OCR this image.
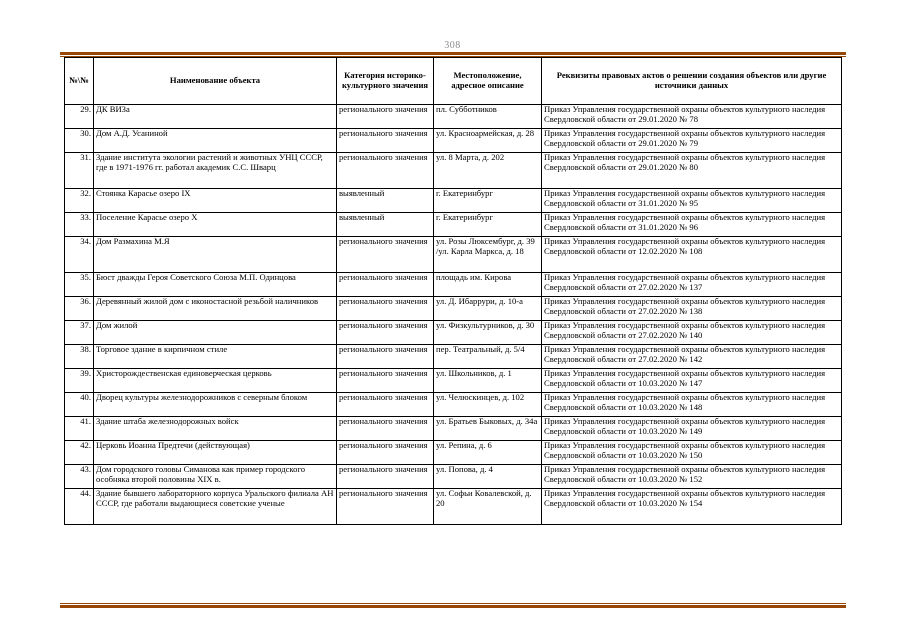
308
№\№	Наименование объекта	Категория историко-культурного значения	Местоположение, адресное описание	Реквизиты правовых актов о решении создания объектов или другие источники данных
29.	ДК ВИЗа	регионального значения	пл. Субботников	Приказ Управления государственной охраны объектов культурного наследия Свердловской области от 29.01.2020 № 78
30.	Дом А.Д. Усаниной	регионального значения	ул. Красноармейская, д. 28	Приказ Управления государственной охраны объектов культурного наследия Свердловской области от 29.01.2020 № 79
31.	Здание института экологии растений и животных УНЦ СССР, где в 1971-1976 гг. работал академик С.С. Шварц	регионального значения	ул. 8 Марта, д. 202	Приказ Управления государственной охраны объектов культурного наследия Свердловской области от 29.01.2020 № 80
32.	Стоянка Карасье озеро IX	выявленный	г. Екатеринбург	Приказ Управления государственной охраны объектов культурного наследия Свердловской области от 31.01.2020 № 95
33.	Поселение Карасье озеро X	выявленный	г. Екатеринбург	Приказ Управления государственной охраны объектов культурного наследия Свердловской области от 31.01.2020 № 96
34.	Дом Размахина М.Я	регионального значения	ул. Розы Люксембург, д. 39 /ул. Карла Маркса, д. 18	Приказ Управления государственной охраны объектов культурного наследия Свердловской области от 12.02.2020 № 108
35.	Бюст дважды Героя Советского Союза М.П. Одинцова	регионального значения	площадь им. Кирова	Приказ Управления государственной охраны объектов культурного наследия Свердловской области от 27.02.2020 № 137
36.	Деревянный жилой дом с иконостасной резьбой наличников	регионального значения	ул. Д. Ибаррури, д. 10-а	Приказ Управления государственной охраны объектов культурного наследия Свердловской области от 27.02.2020 № 138
37.	Дом жилой	регионального значения	ул. Физкультурников, д. 30	Приказ Управления государственной охраны объектов культурного наследия Свердловской области от 27.02.2020 № 140
38.	Торговое здание в кирпичном стиле	регионального значения	пер. Театральный, д. 5/4	Приказ Управления государственной охраны объектов культурного наследия Свердловской области от 27.02.2020 № 142
39.	Христорождественская единоверческая церковь	регионального значения	ул. Школьников, д. 1	Приказ Управления государственной охраны объектов культурного наследия Свердловской области от 10.03.2020 № 147
40.	Дворец культуры железнодорожников с северным блоком	регионального значения	ул. Челюскинцев, д. 102	Приказ Управления государственной охраны объектов культурного наследия Свердловской области от 10.03.2020 № 148
41.	Здание штаба железнодорожных войск	регионального значения	ул. Братьев Быковых, д. 34а	Приказ Управления государственной охраны объектов культурного наследия Свердловской области от 10.03.2020 № 149
42.	Церковь Иоанна Предтечи (действующая)	регионального значения	ул. Репина, д. 6	Приказ Управления государственной охраны объектов культурного наследия Свердловской области от 10.03.2020 № 150
43.	Дом городского головы Симанова как пример городского особняка второй половины XIX в.	регионального значения	ул. Попова, д. 4	Приказ Управления государственной охраны объектов культурного наследия Свердловской области от 10.03.2020 № 152
44.	Здание бывшего лабораторного корпуса Уральского филиала АН СССР, где работали выдающиеся советские ученые	регионального значения	ул. Софьи Ковалевской, д. 20	Приказ Управления государственной охраны объектов культурного наследия Свердловской области от 10.03.2020 № 154
